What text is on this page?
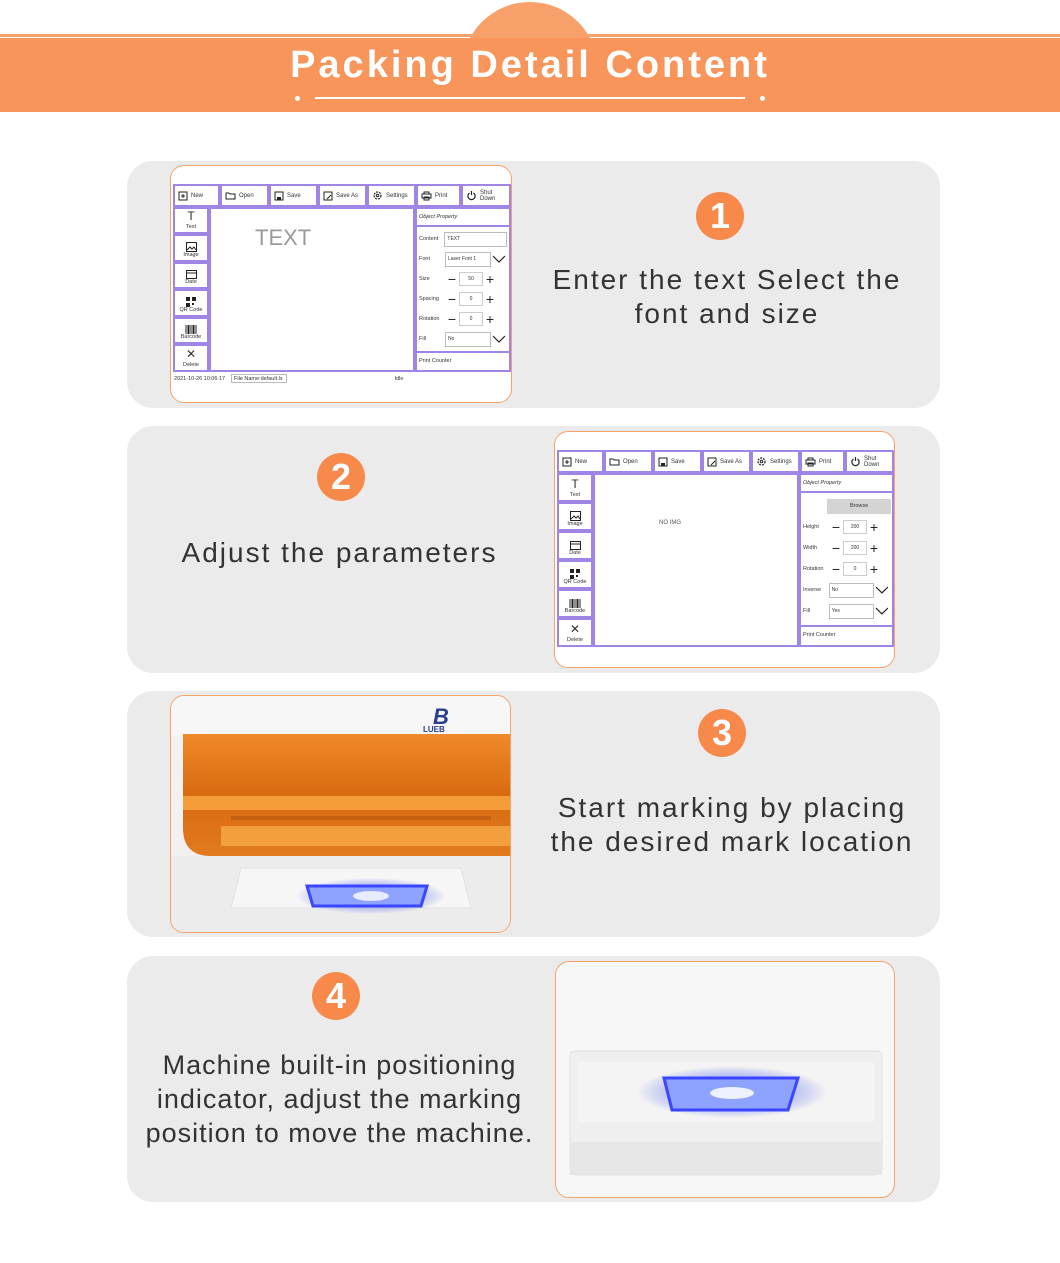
Packing Detail Content
New	Open	Save	Save As	Settings	Print	Shut Down
T
Text
Image
Date
QR Code
Barcode
✕
Delete
TEXT
Object Property
Content	TEXT
Font	Laser Font 1
Size	−	50 +
Spacing −	0 +
Rotation −	0 +
Fill	No
Print Counter
2021-10-26 10:06:17	File Name:default.lx	Idle
1
Enter the text Select the
font and size
2
Adjust the parameters
New	Open	Save	Save As	Settings	Print	Shut Down
T
Text
Image
Date
QR Code
Barcode
✕
Delete
NO IMG
Object Property
Browse
Height −	200 +
Width	−	200 +
Rotation −	0 +
Inverse	No
Fill	Yes
Print Counter
B
LUEB	3
Start marking by placing
the desired mark location
4
Machine built-in positioning
indicator, adjust the marking
position to move the machine.
